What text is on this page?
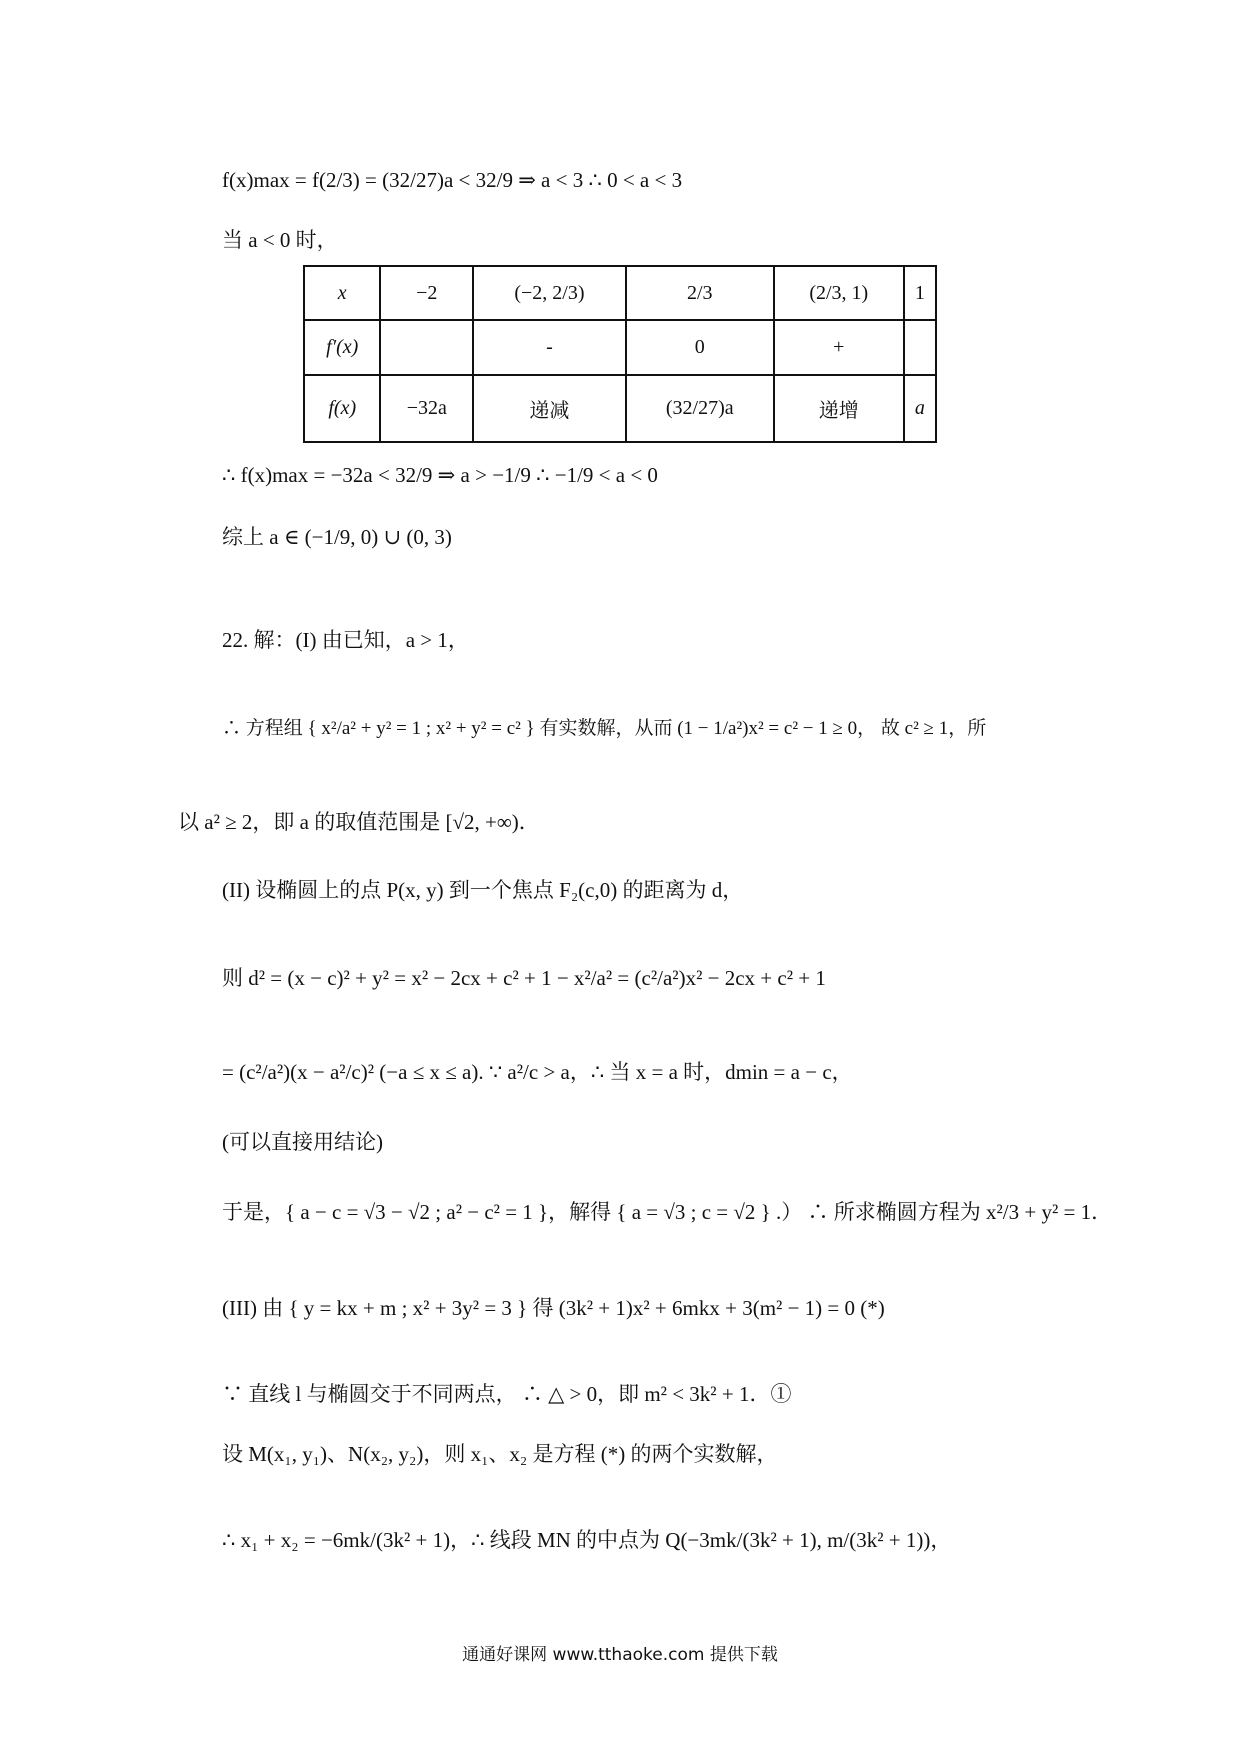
f(x)max = f(2/3) = (32/27)a < 32/9 ⇒ a < 3 ∴ 0 < a < 3
当 a < 0 时，
x	−2	(−2, 2/3)	2/3	(2/3, 1)	1
f′(x)		-	0	+	
f(x)	−32a	递减	(32/27)a	递增	a
∴ f(x)max = −32a < 32/9 ⇒ a > −1/9 ∴ −1/9 < a < 0
综上 a ∈ (−1/9, 0) ∪ (0, 3)
22. 解：(I) 由已知，a > 1，
∴ 方程组 { x²/a² + y² = 1 ; x² + y² = c² } 有实数解，从而 (1 − 1/a²)x² = c² − 1 ≥ 0， 故 c² ≥ 1，所
以 a² ≥ 2，即 a 的取值范围是 [√2, +∞)．
(II) 设椭圆上的点 P(x, y) 到一个焦点 F₂(c,0) 的距离为 d，
则 d² = (x − c)² + y² = x² − 2cx + c² + 1 − x²/a² = (c²/a²)x² − 2cx + c² + 1
= (c²/a²)(x − a²/c)² (−a ≤ x ≤ a). ∵ a²/c > a，∴ 当 x = a 时，dmin = a − c，
(可以直接用结论)
于是，{ a − c = √3 − √2 ; a² − c² = 1 }，解得 { a = √3 ; c = √2 } .） ∴ 所求椭圆方程为 x²/3 + y² = 1．
(III) 由 { y = kx + m ; x² + 3y² = 3 } 得 (3k² + 1)x² + 6mkx + 3(m² − 1) = 0 (*)
∵ 直线 l 与椭圆交于不同两点， ∴ △ > 0，即 m² < 3k² + 1．①
设 M(x₁, y₁)、N(x₂, y₂)，则 x₁、x₂ 是方程 (*) 的两个实数解，
∴ x₁ + x₂ = −6mk/(3k² + 1)，∴ 线段 MN 的中点为 Q(−3mk/(3k² + 1), m/(3k² + 1))，
通通好课网 www.tthaoke.com 提供下载
